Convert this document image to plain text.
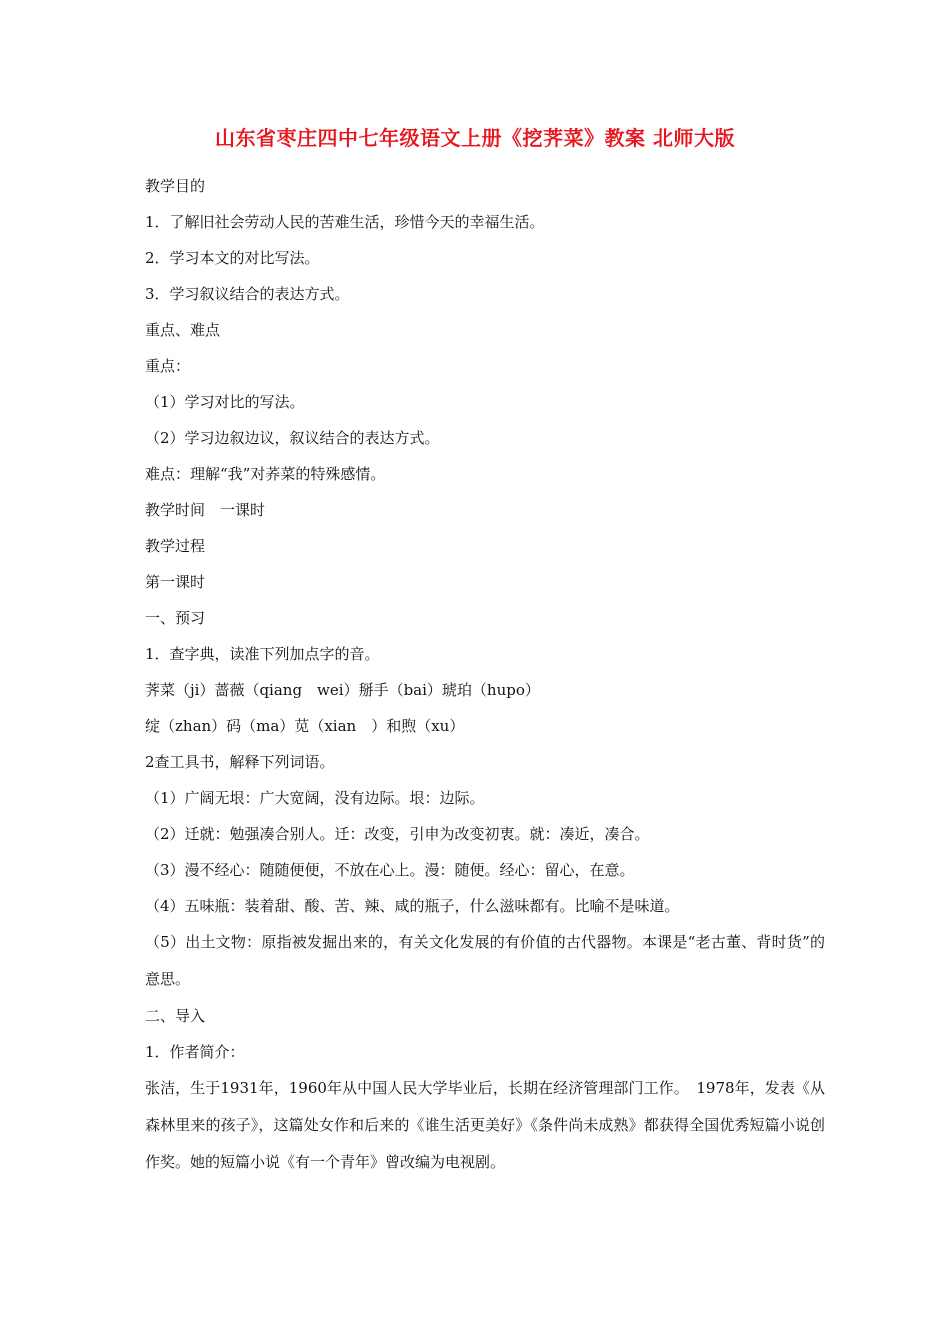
山东省枣庄四中七年级语文上册《挖荠菜》教案 北师大版
教学目的
1．了解旧社会劳动人民的苦难生活，珍惜今天的幸福生活。
2．学习本文的对比写法。
3．学习叙议结合的表达方式。
重点、难点
重点：
（1）学习对比的写法。
（2）学习边叙边议，叙议结合的表达方式。
难点：理解“我”对荞菜的特殊感情。
教学时间　一课时
教学过程
第一课时
一、预习
1．查字典，读准下列加点字的音。
荠菜（ji）蔷薇（qiang　wei）掰手（bai）琥珀（hupo）
绽（zhan）码（ma）苋（xian　）和煦（xu）
2查工具书，解释下列词语。
（1）广阔无垠：广大宽阔，没有边际。垠：边际。
（2）迁就：勉强凑合别人。迁：改变，引申为改变初衷。就：凑近，凑合。
（3）漫不经心：随随便便，不放在心上。漫：随便。经心：留心，在意。
（4）五味瓶：装着甜、酸、苦、辣、咸的瓶子，什么滋味都有。比喻不是味道。
（5）出土文物：原指被发掘出来的，有关文化发展的有价值的古代器物。本课是“老古董、背时货”的意思。
二、导入
1．作者简介：
张洁，生于1931年，1960年从中国人民大学毕业后，长期在经济管理部门工作。　1978年，发表《从森林里来的孩子》，这篇处女作和后来的《谁生活更美好》《条件尚未成熟》都获得全国优秀短篇小说创作奖。她的短篇小说《有一个青年》曾改编为电视剧。
